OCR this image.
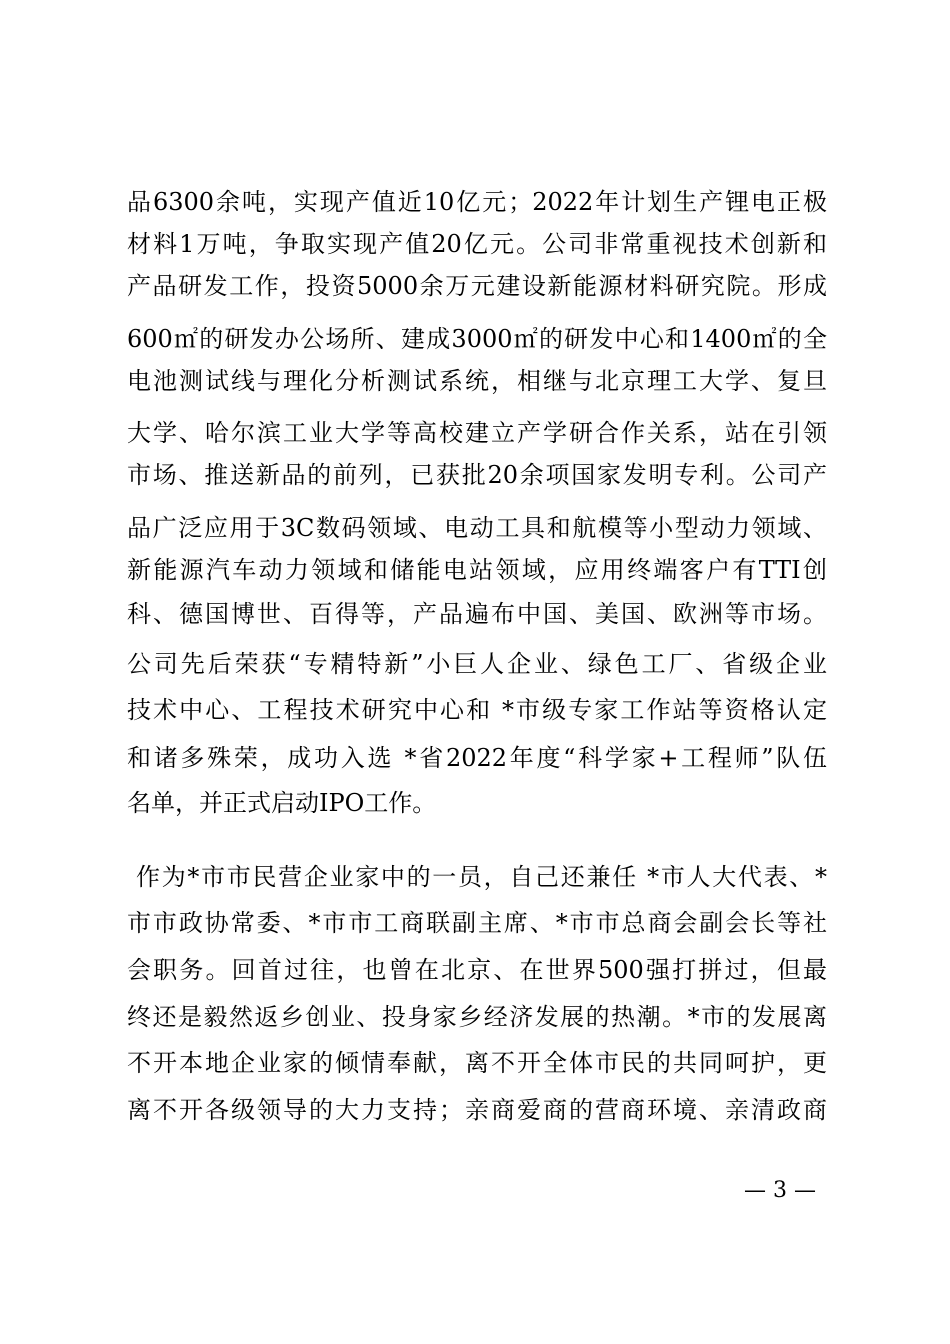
品6300余吨，实现产值近10亿元；2022年计划生产锂电正极
材料1万吨，争取实现产值20亿元。公司非常重视技术创新和
产品研发工作，投资5000余万元建设新能源材料研究院。形成
600㎡的研发办公场所、建成3000㎡的研发中心和1400㎡的全
电池测试线与理化分析测试系统，相继与北京理工大学、复旦
大学、哈尔滨工业大学等高校建立产学研合作关系，站在引领
市场、推送新品的前列，已获批20余项国家发明专利。公司产
品广泛应用于3C数码领域、电动工具和航模等小型动力领域、
新能源汽车动力领域和储能电站领域，应用终端客户有TTI创
科、德国博世、百得等，产品遍布中国、美国、欧洲等市场。
公司先后荣获“专精特新”小巨人企业、绿色工厂、省级企业
技术中心、工程技术研究中心和 *市级专家工作站等资格认定
和诸多殊荣，成功入选 *省2022年度“科学家+工程师”队伍
名单，并正式启动IPO工作。
作为*市市民营企业家中的一员，自己还兼任 *市人大代表、*
市市政协常委、*市市工商联副主席、*市市总商会副会长等社
会职务。回首过往，也曾在北京、在世界500强打拼过，但最
终还是毅然返乡创业、投身家乡经济发展的热潮。*市的发展离
不开本地企业家的倾情奉献，离不开全体市民的共同呵护，更
离不开各级领导的大力支持；亲商爱商的营商环境、亲清政商
— 3 —
